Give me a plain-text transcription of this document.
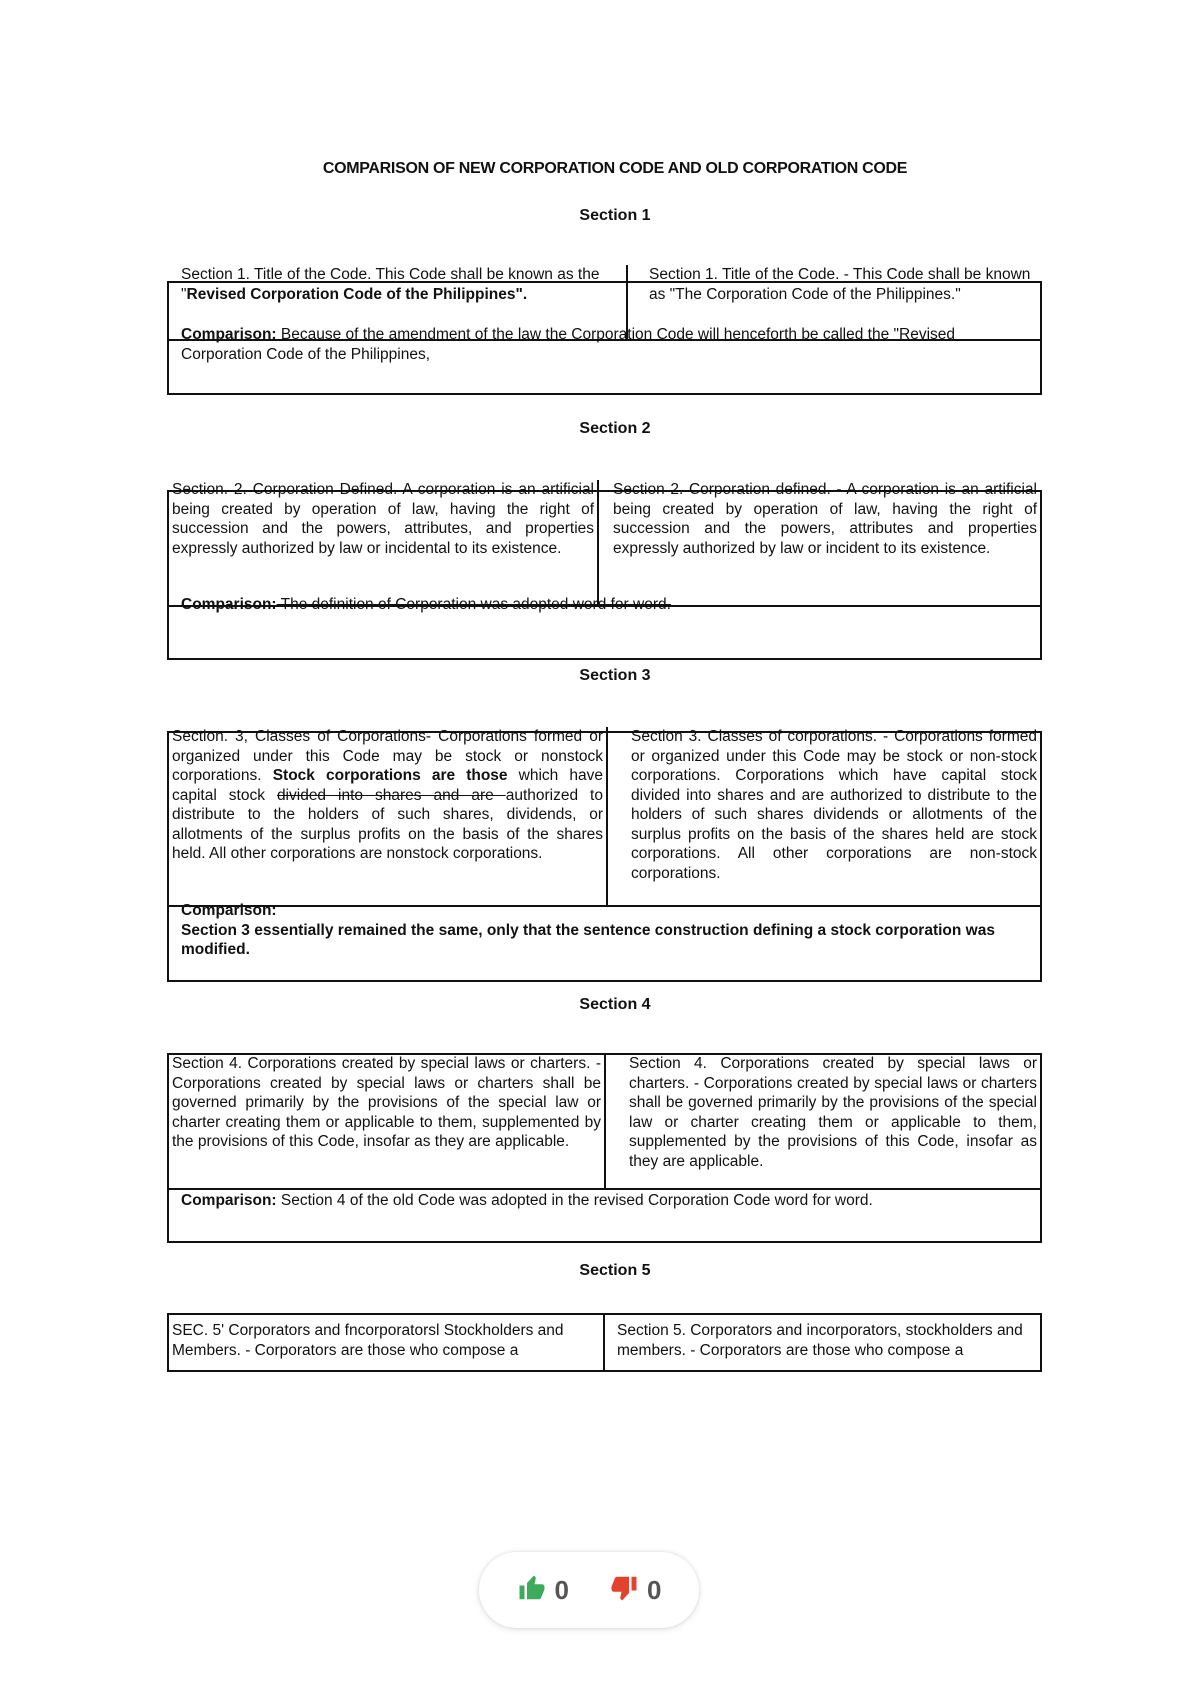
COMPARISON OF NEW CORPORATION CODE AND OLD CORPORATION CODE
Section 1
Section 1. Title of the Code. This Code shall be known as the "Revised Corporation Code of the Philippines".
Section 1. Title of the Code. - This Code shall be known as "The Corporation Code of the Philippines."
Comparison: Because of the amendment of the law the Corporation Code will henceforth be called the "Revised Corporation Code of the Philippines,
Section 2
Section. 2. Corporation Defined. A corporation is an artificial being created by operation of law, having the right of succession and the powers, attributes, and properties expressly authorized by law or incidental to its existence.
Section 2. Corporation defined. - A corporation is an artificial being created by operation of law, having the right of succession and the powers, attributes and properties expressly authorized by law or incident to its existence.
Comparison: The definition of Corporation was adopted word for word.
Section 3
Section. 3, Classes of Corporations- Corporations formed or organized under this Code may be stock or nonstock corporations. Stock corporations are those which have capital stock divided into shares and are authorized to distribute to the holders of such shares, dividends, or allotments of the surplus profits on the basis of the shares held. All other corporations are nonstock corporations.
Section 3. Classes of corporations. - Corporations formed or organized under this Code may be stock or non-stock corporations. Corporations which have capital stock divided into shares and are authorized to distribute to the holders of such shares dividends or allotments of the surplus profits on the basis of the shares held are stock corporations. All other corporations are non-stock corporations.
Comparison:
Section 3 essentially remained the same, only that the sentence construction defining a stock corporation was modified.
Section 4
Section 4. Corporations created by special laws or charters. - Corporations created by special laws or charters shall be governed primarily by the provisions of the special law or charter creating them or applicable to them, supplemented by the provisions of this Code, insofar as they are applicable.
Section 4. Corporations created by special laws or charters. - Corporations created by special laws or charters shall be governed primarily by the provisions of the special law or charter creating them or applicable to them, supplemented by the provisions of this Code, insofar as they are applicable.
Comparison: Section 4 of the old Code was adopted in the revised Corporation Code word for word.
Section 5
SEC. 5' Corporators and fncorporatorsl Stockholders and Members. - Corporators are those who compose a
Section 5. Corporators and incorporators, stockholders and members. - Corporators are those who compose a
0	0
